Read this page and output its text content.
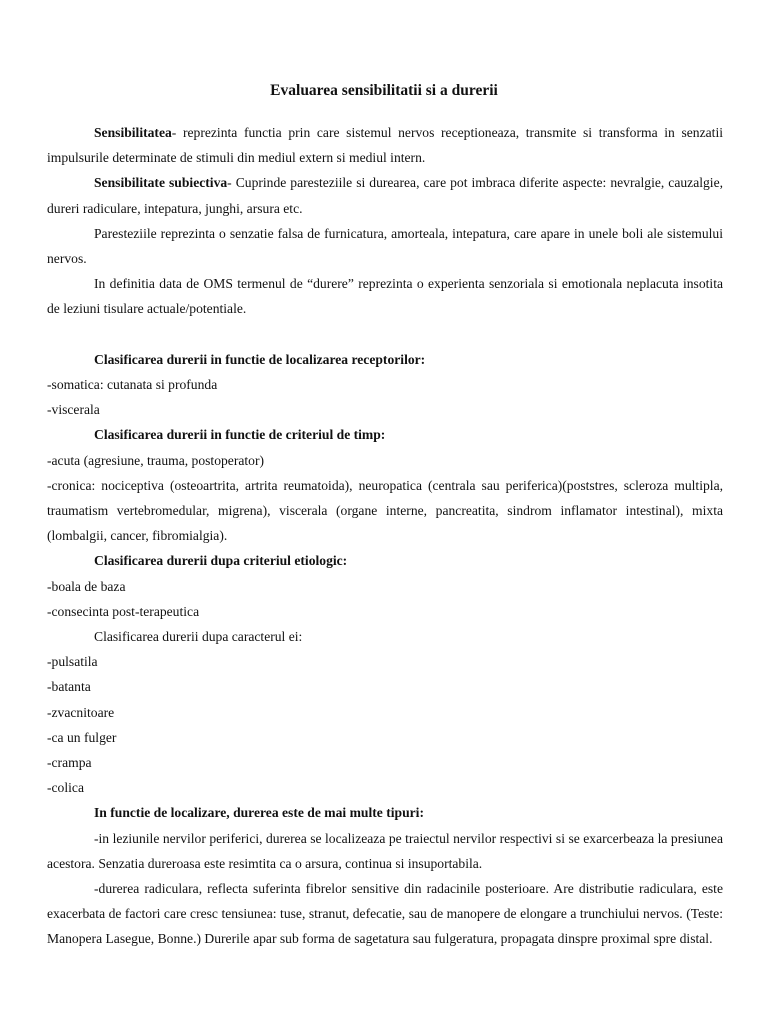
Evaluarea sensibilitatii si a durerii

Sensibilitatea- reprezinta functia prin care sistemul nervos receptioneaza, transmite si transforma in senzatii impulsurile determinate de stimuli din mediul extern si mediul intern.

Sensibilitate subiectiva- Cuprinde paresteziile si durearea, care pot imbraca diferite aspecte: nevralgie, cauzalgie, dureri radiculare, intepatura, junghi, arsura etc.

Paresteziile reprezinta o senzatie falsa de furnicatura, amorteala, intepatura, care apare in unele boli ale sistemului nervos.

In definitia data de OMS termenul de “durere” reprezinta o experienta senzoriala si emotionala neplacuta insotita de leziuni tisulare actuale/potentiale.

Clasificarea durerii in functie de localizarea receptorilor:

-somatica: cutanata si profunda

-viscerala

Clasificarea durerii in functie de criteriul de timp:

-acuta (agresiune, trauma, postoperator)

-cronica: nociceptiva (osteoartrita, artrita reumatoida), neuropatica (centrala sau periferica)(poststres, scleroza multipla, traumatism vertebromedular, migrena), viscerala (organe interne, pancreatita, sindrom inflamator intestinal), mixta (lombalgii, cancer, fibromialgia).

Clasificarea durerii dupa criteriul etiologic:

-boala de baza

-consecinta post-terapeutica

Clasificarea durerii dupa caracterul ei:

-pulsatila

-batanta

-zvacnitoare

-ca un fulger

-crampa

-colica

In functie de localizare, durerea este de mai multe tipuri:

-in leziunile nervilor periferici, durerea se localizeaza pe traiectul nervilor respectivi si se exarcerbeaza la presiunea acestora. Senzatia dureroasa este resimtita ca o arsura, continua si insuportabila.

-durerea radiculara, reflecta suferinta fibrelor sensitive din radacinile posterioare. Are distributie radiculara, este exacerbata de factori care cresc tensiunea: tuse, stranut, defecatie, sau de manopere de elongare a trunchiului nervos. (Teste: Manopera Lasegue, Bonne.) Durerile apar sub forma de sagetatura sau fulgeratura, propagata dinspre proximal spre distal.
